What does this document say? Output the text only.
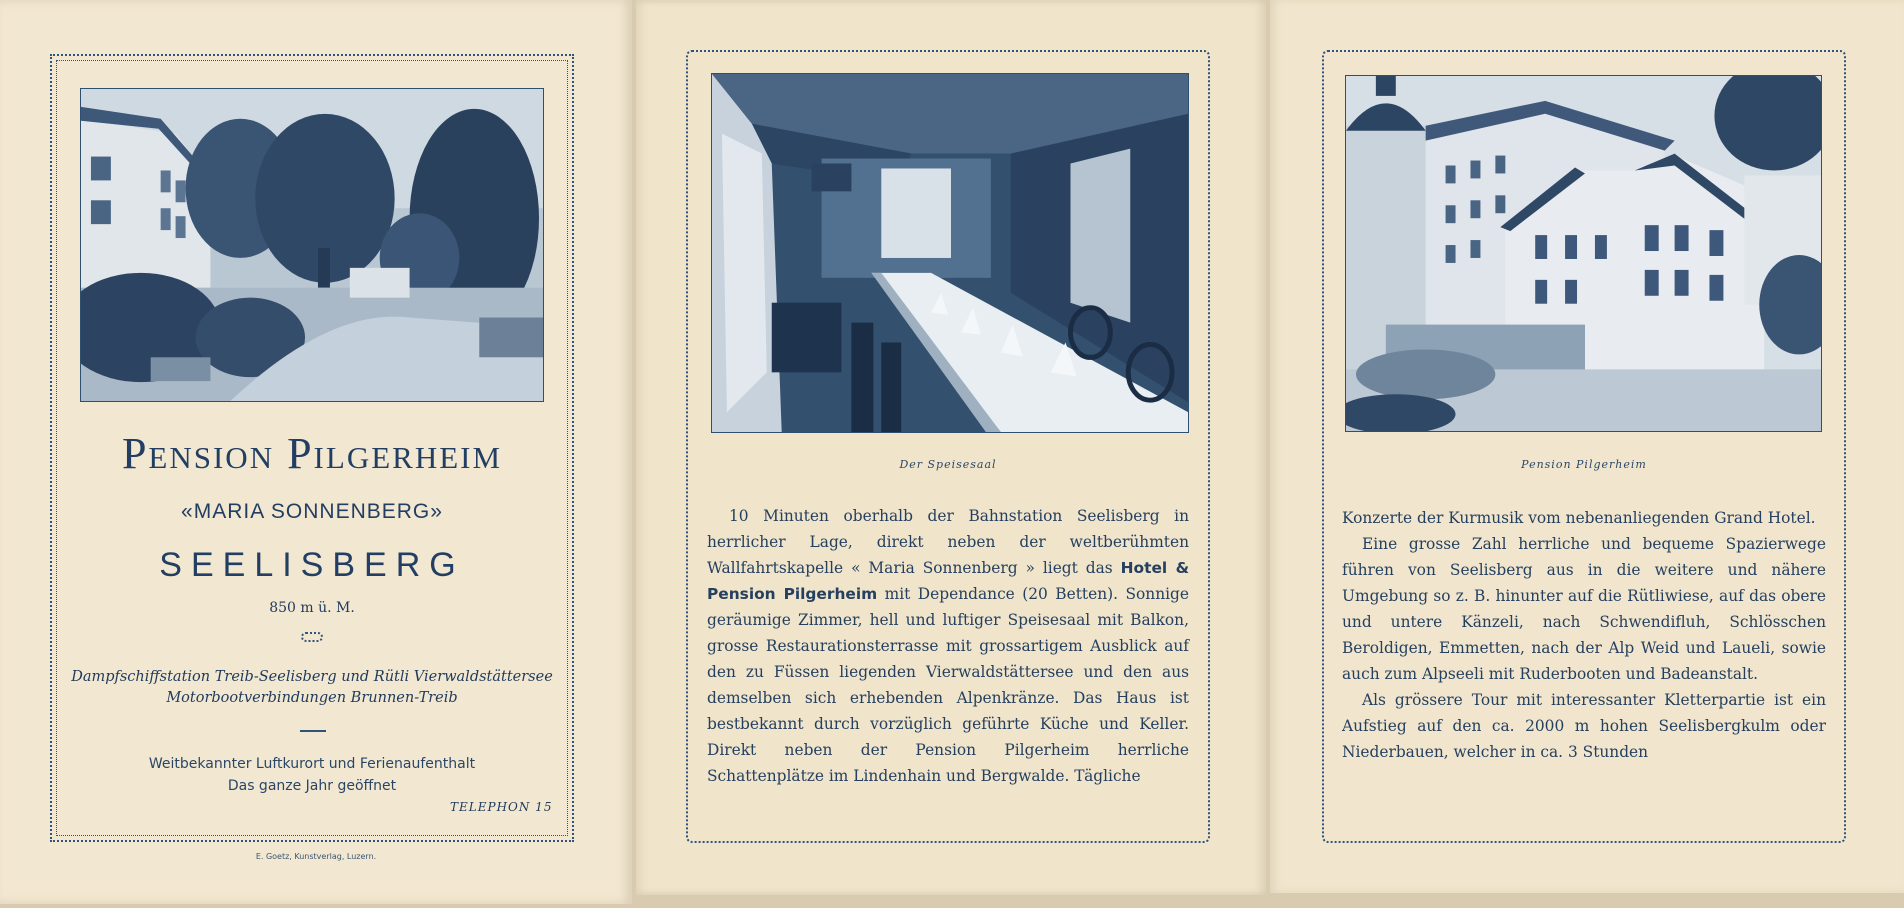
Pension Pilgerheim
«MARIA SONNENBERG»
SEELISBERG
850 m ü. M.
Dampfschiffstation Treib-Seelisberg und Rütli Vierwaldstättersee
Motorbootverbindungen Brunnen-Treib
Weitbekannter Luftkurort und Ferienaufenthalt
Das ganze Jahr geöffnet
TELEPHON 15
E. Goetz, Kunstverlag, Luzern.
Der Speisesaal
10 Minuten oberhalb der Bahnstation Seelisberg in herrlicher Lage, direkt neben der weltberühmten Wallfahrtskapelle « Maria Sonnenberg » liegt das Hotel & Pension Pilgerheim mit Dependance (20 Betten). Sonnige geräumige Zimmer, hell und luftiger Speisesaal mit Balkon, grosse Restaurationsterrasse mit grossartigem Ausblick auf den zu Füssen liegenden Vierwaldstättersee und den aus demselben sich erhebenden Alpenkränze. Das Haus ist bestbekannt durch vorzüglich geführte Küche und Keller. Direkt neben der Pension Pilgerheim herrliche Schattenplätze im Lindenhain und Bergwalde. Tägliche
Pension Pilgerheim

Konzerte der Kurmusik vom nebenanliegenden Grand Hotel.

Eine grosse Zahl herrliche und bequeme Spazierwege führen von Seelisberg aus in die weitere und nähere Umgebung so z. B. hinunter auf die Rütliwiese, auf das obere und untere Känzeli, nach Schwendifluh, Schlösschen Beroldigen, Emmetten, nach der Alp Weid und Laueli, sowie auch zum Alpseeli mit Ruderbooten und Badeanstalt.

Als grössere Tour mit interessanter Kletterpartie ist ein Aufstieg auf den ca. 2000 m hohen Seelisbergkulm oder Niederbauen, welcher in ca. 3 Stunden
